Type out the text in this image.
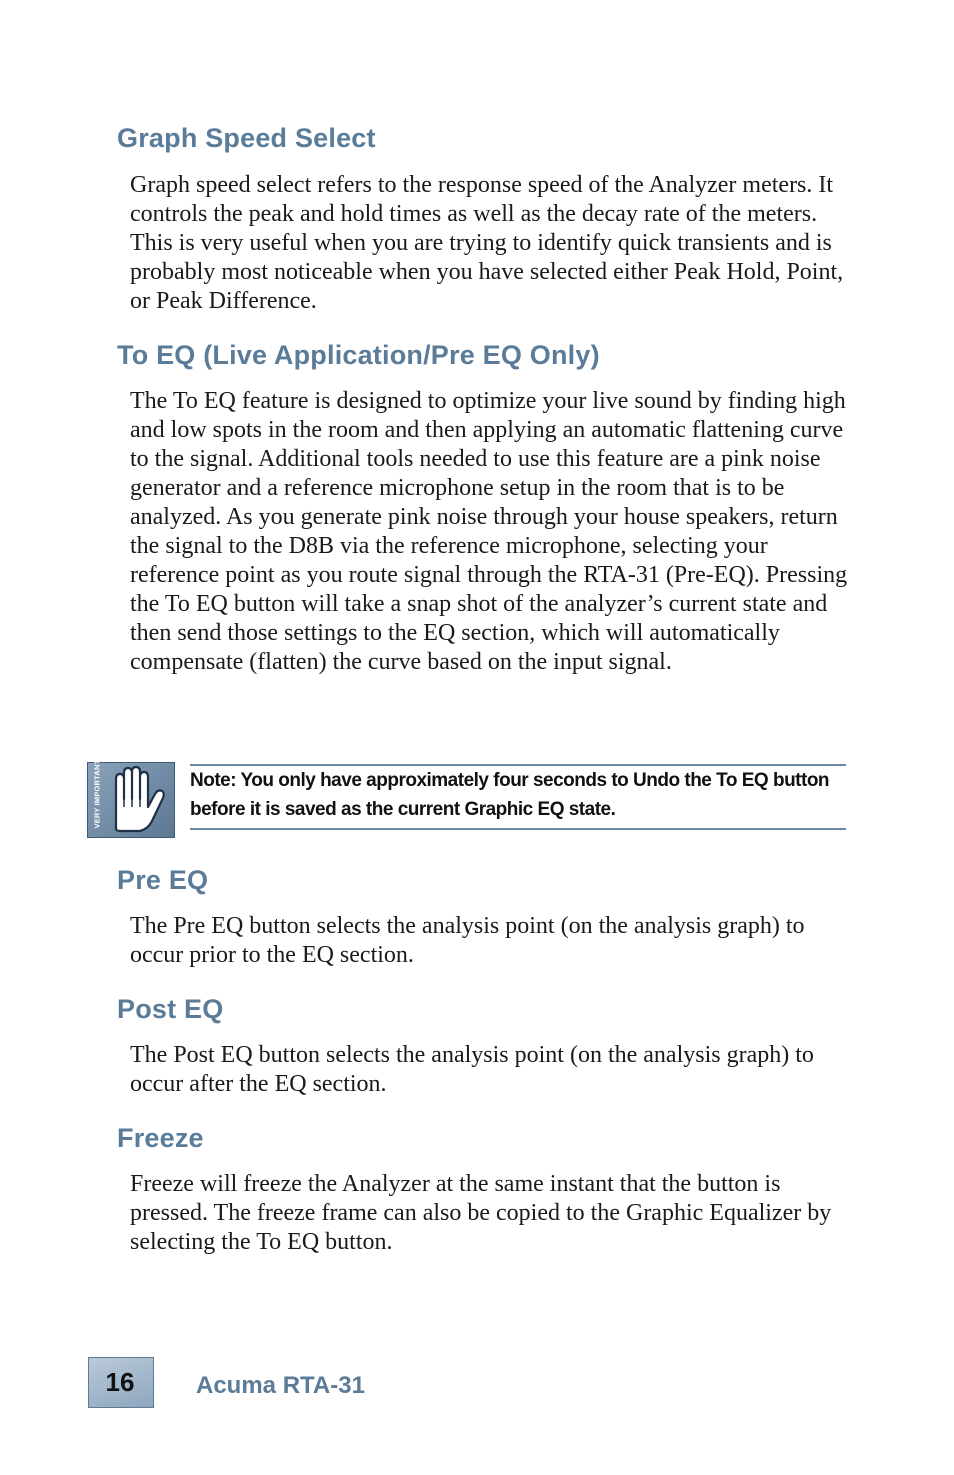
Graph Speed Select

Graph speed select refers to the response speed of the Analyzer meters. It controls the peak and hold times as well as the decay rate of the meters. This is very useful when you are trying to identify quick transients and is probably most noticeable when you have selected either Peak Hold, Point, or Peak Difference.

To EQ (Live Application/Pre EQ Only)

The To EQ feature is designed to optimize your live sound by finding high and low spots in the room and then applying an automatic flattening curve to the signal. Additional tools needed to use this feature are a pink noise generator and a reference microphone setup in the room that is to be analyzed. As you generate pink noise through your house speakers, return the signal to the D8B via the reference microphone, selecting your reference point as you route signal through the RTA-31 (Pre-EQ). Pressing the To EQ button will take a snap shot of the analyzer’s current state and then send those settings to the EQ section, which will automatically compensate (flatten) the curve based on the input signal.

VERY IMPORTANT	Note: You only have approximately four seconds to Undo the To EQ button before it is saved as the current Graphic EQ state.

Pre EQ

The Pre EQ button selects the analysis point (on the analysis graph) to occur prior to the EQ section.

Post EQ

The Post EQ button selects the analysis point (on the analysis graph) to occur after the EQ section.

Freeze

Freeze will freeze the Analyzer at the same instant that the button is pressed. The freeze frame can also be copied to the Graphic Equalizer by selecting the To EQ button.

16	Acuma RTA-31
